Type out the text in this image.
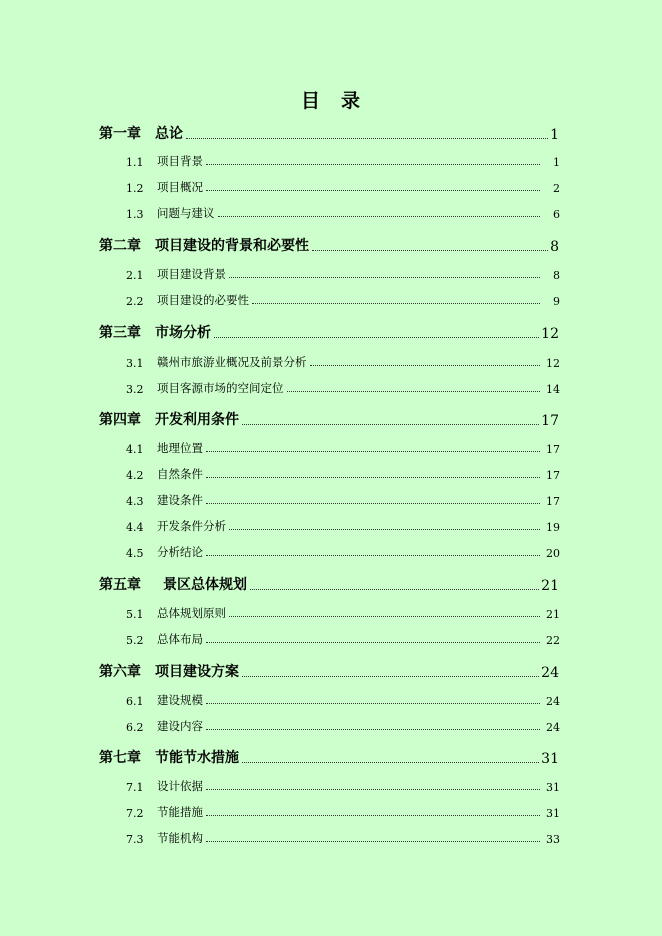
目　录
第一章 总论	1
1.1	项目背景	1
1.2	项目概况	2
1.3	问题与建议	6
第二章 项目建设的背景和必要性	8
2.1	项目建设背景	8
2.2	项目建设的必要性	9
第三章 市场分析	12
3.1	赣州市旅游业概况及前景分析	12
3.2	项目客源市场的空间定位	14
第四章 开发利用条件	17
4.1	地理位置	17
4.2	自然条件	17
4.3	建设条件	17
4.4	开发条件分析	19
4.5	分析结论	20
第五章 景区总体规划	21
5.1	总体规划原则	21
5.2	总体布局	22
第六章 项目建设方案	24
6.1	建设规模	24
6.2	建设内容	24
第七章 节能节水措施	31
7.1	设计依据	31
7.2	节能措施	31
7.3	节能机构	33
